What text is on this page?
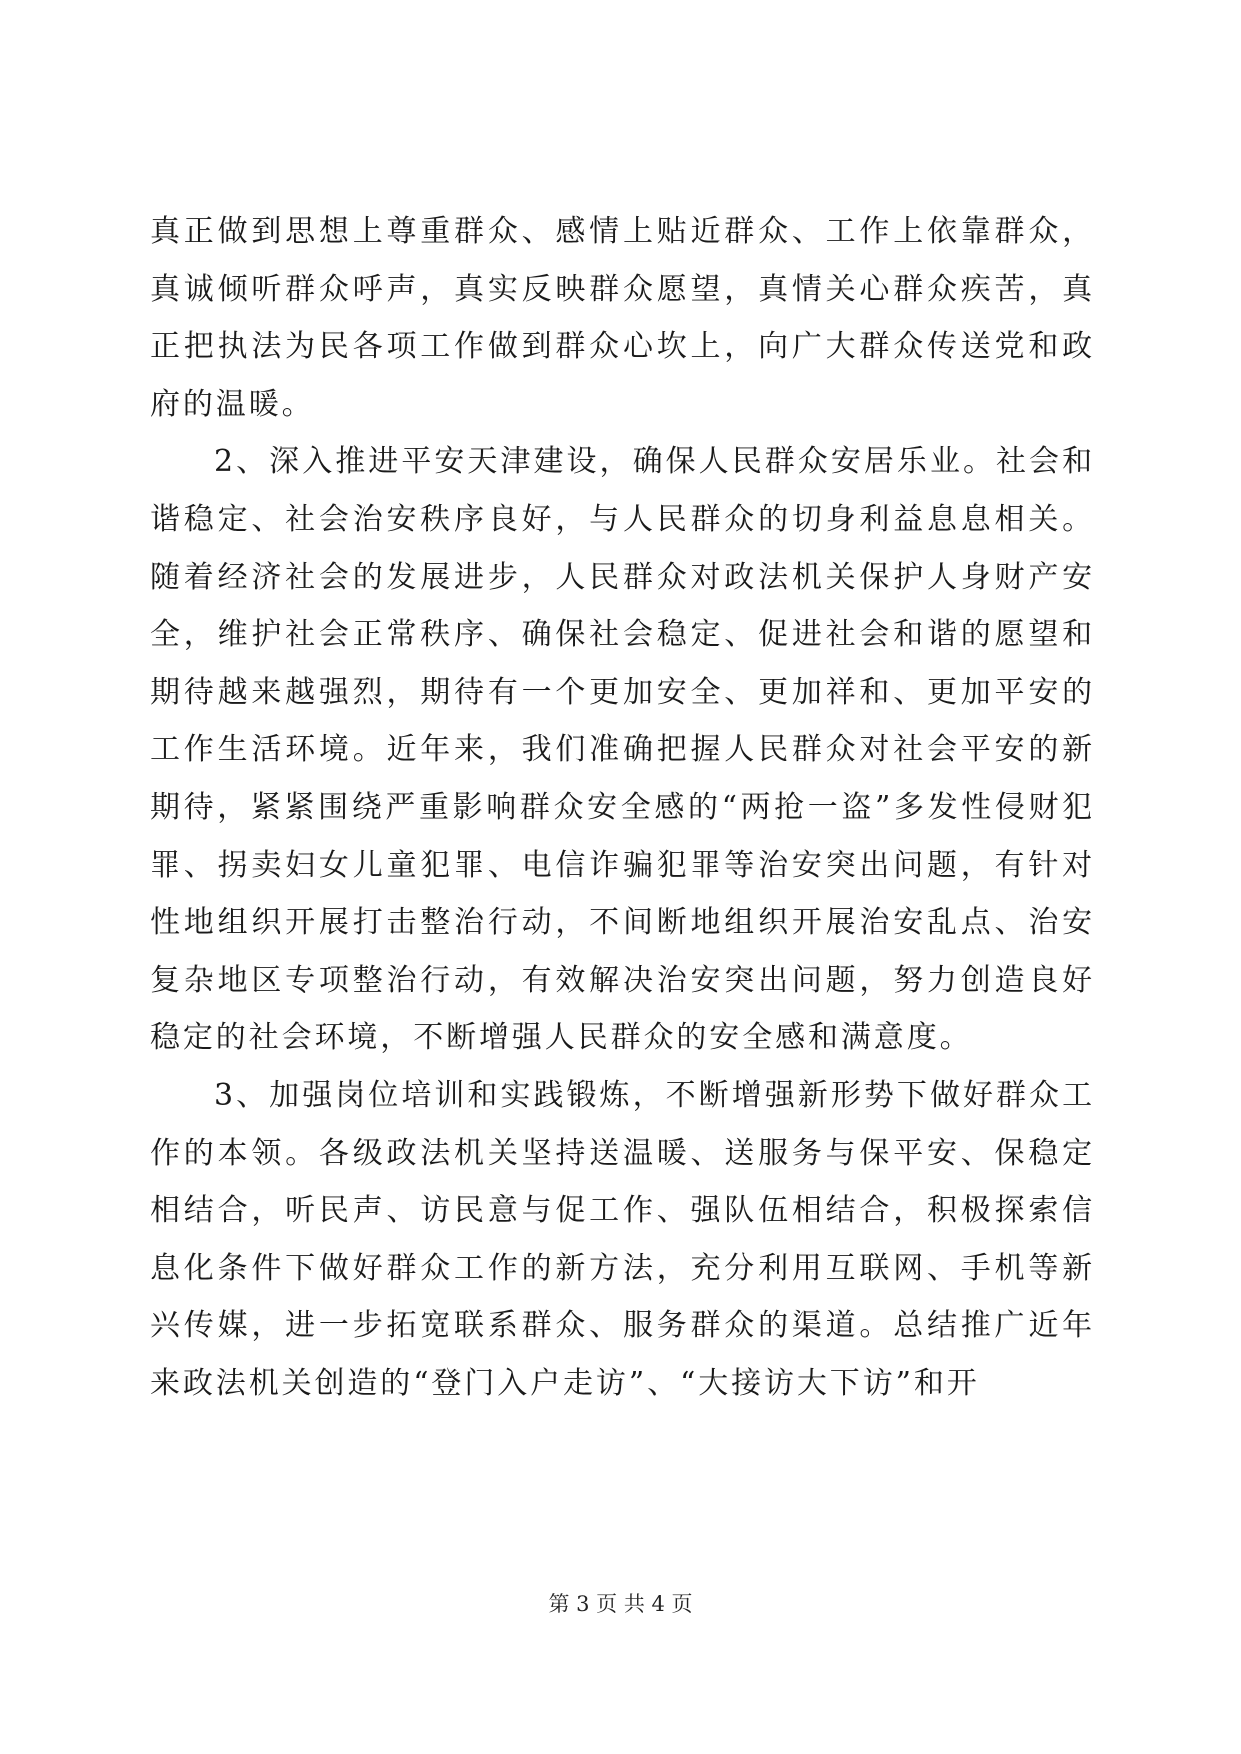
真正做到思想上尊重群众、感情上贴近群众、工作上依靠群众，真诚倾听群众呼声，真实反映群众愿望，真情关心群众疾苦，真正把执法为民各项工作做到群众心坎上，向广大群众传送党和政府的温暖。

2、深入推进平安天津建设，确保人民群众安居乐业。社会和谐稳定、社会治安秩序良好，与人民群众的切身利益息息相关。随着经济社会的发展进步，人民群众对政法机关保护人身财产安全，维护社会正常秩序、确保社会稳定、促进社会和谐的愿望和期待越来越强烈，期待有一个更加安全、更加祥和、更加平安的工作生活环境。近年来，我们准确把握人民群众对社会平安的新期待，紧紧围绕严重影响群众安全感的“两抢一盗”多发性侵财犯罪、拐卖妇女儿童犯罪、电信诈骗犯罪等治安突出问题，有针对性地组织开展打击整治行动，不间断地组织开展治安乱点、治安复杂地区专项整治行动，有效解决治安突出问题，努力创造良好稳定的社会环境，不断增强人民群众的安全感和满意度。

3、加强岗位培训和实践锻炼，不断增强新形势下做好群众工作的本领。各级政法机关坚持送温暖、送服务与保平安、保稳定相结合，听民声、访民意与促工作、强队伍相结合，积极探索信息化条件下做好群众工作的新方法，充分利用互联网、手机等新兴传媒，进一步拓宽联系群众、服务群众的渠道。总结推广近年来政法机关创造的“登门入户走访”、“大接访大下访”和开

第 3 页 共 4 页
